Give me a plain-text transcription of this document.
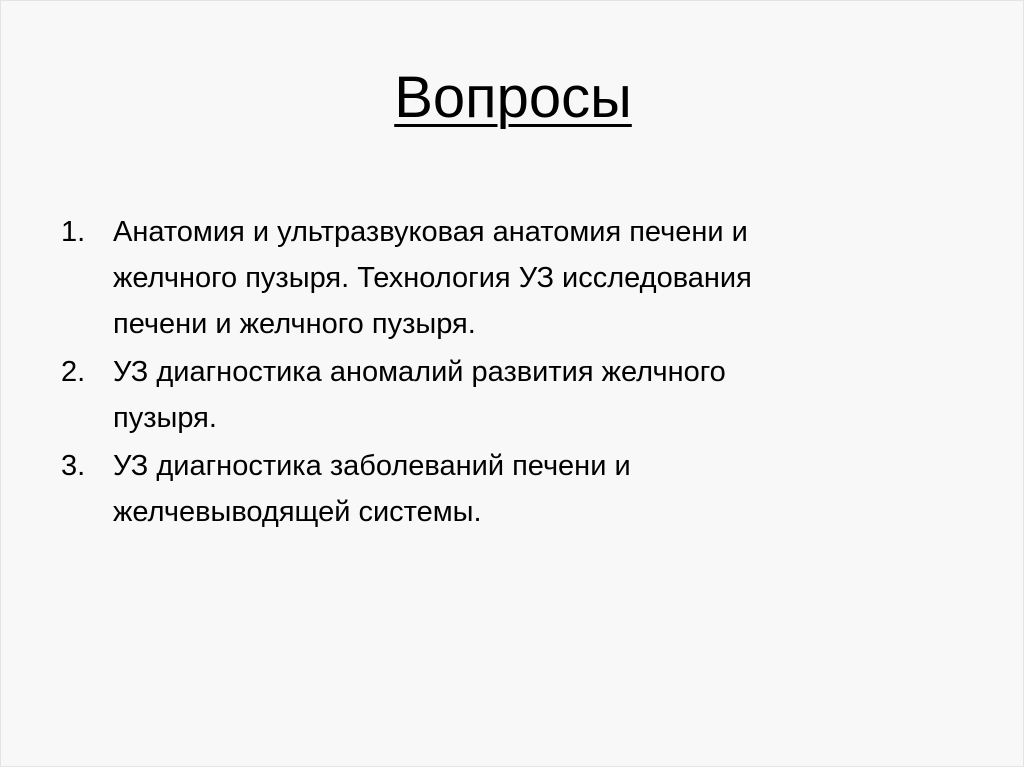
Вопросы
1. Анатомия и ультразвуковая анатомия печени и
желчного пузыря. Технология УЗ исследования
печени и желчного пузыря.
2. УЗ диагностика аномалий развития желчного
пузыря.
3. УЗ диагностика заболеваний печени и
желчевыводящей системы.
